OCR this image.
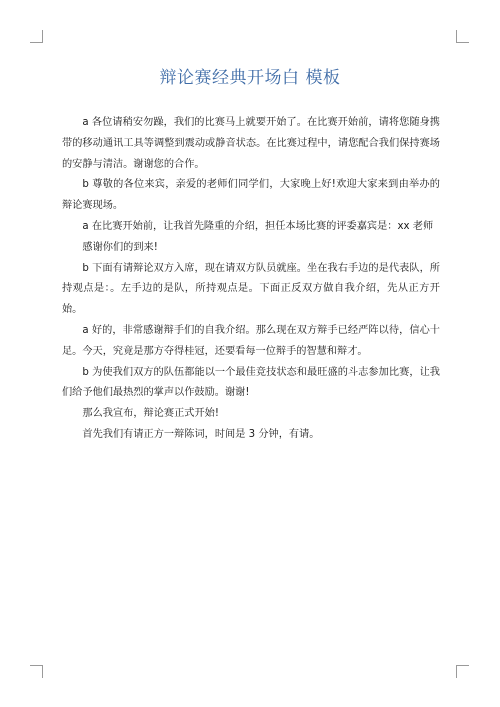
辩论赛经典开场白 模板

a 各位请稍安勿躁，我们的比赛马上就要开始了。在比赛开始前，请将您随身携带的移动通讯工具等调整到震动或静音状态。在比赛过程中，请您配合我们保持赛场的安静与清洁。谢谢您的合作。

b 尊敬的各位来宾，亲爱的老师们同学们，大家晚上好!欢迎大家来到由举办的辩论赛现场。

a 在比赛开始前，让我首先隆重的介绍，担任本场比赛的评委嘉宾是：xx 老师

感谢你们的到来!

b 下面有请辩论双方入席，现在请双方队员就座。坐在我右手边的是代表队，所持观点是：。左手边的是队，所持观点是。下面正反双方做自我介绍，先从正方开始。

a 好的，非常感谢辩手们的自我介绍。那么现在双方辩手已经严阵以待，信心十足。今天，究竟是那方夺得桂冠，还要看每一位辩手的智慧和辩才。

b 为使我们双方的队伍都能以一个最佳竞技状态和最旺盛的斗志参加比赛，让我们给予他们最热烈的掌声以作鼓励。谢谢!

那么我宣布，辩论赛正式开始!

首先我们有请正方一辩陈词，时间是 3 分钟，有请。
